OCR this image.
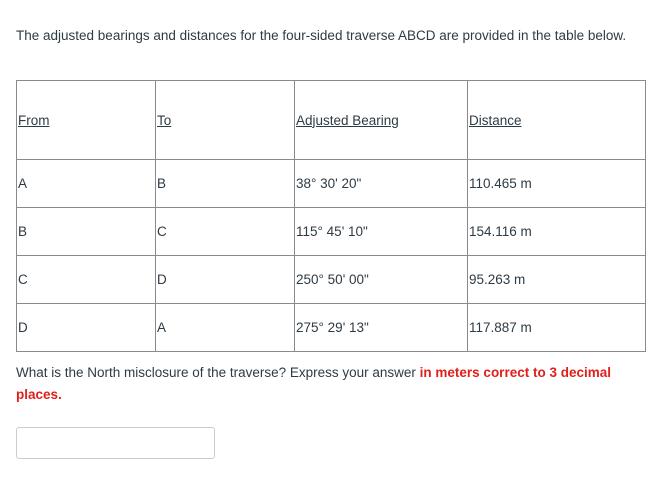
The adjusted bearings and distances for the four-sided traverse ABCD are provided in the table below.

From	To	Adjusted Bearing	Distance
A	B	38° 30' 20"	110.465 m
B	C	115° 45' 10"	154.116 m
C	D	250° 50' 00"	95.263 m
D	A	275° 29' 13"	117.887 m

What is the North misclosure of the traverse? Express your answer in meters correct to 3 decimal places.
